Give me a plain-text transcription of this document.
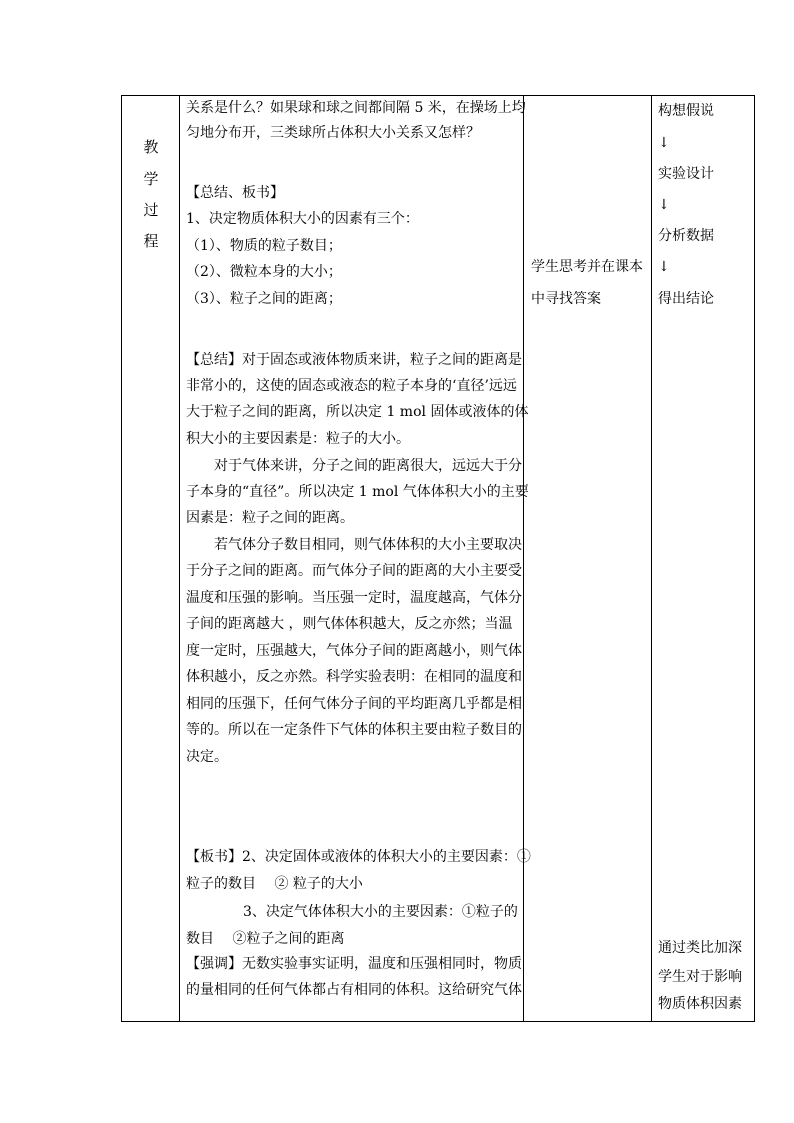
教
学
过
程
关系是什么？如果球和球之间都间隔 5 米，在操场上均
匀地分布开，三类球所占体积大小关系又怎样？
【总结、板书】
1、决定物质体积大小的因素有三个：
（1）、物质的粒子数目；
（2）、微粒本身的大小；
（3）、粒子之间的距离；
【总结】对于固态或液体物质来讲，粒子之间的距离是
非常小的，这使的固态或液态的粒子本身的‘直径’远远
大于粒子之间的距离，所以决定 1 mol 固体或液体的体
积大小的主要因素是：粒子的大小。
对于气体来讲，分子之间的距离很大，远远大于分
子本身的“直径”。所以决定 1 mol 气体体积大小的主要
因素是：粒子之间的距离。
若气体分子数目相同，则气体体积的大小主要取决
于分子之间的距离。而气体分子间的距离的大小主要受
温度和压强的影响。当压强一定时，温度越高，气体分
子间的距离越大 ，则气体体积越大，反之亦然；当温
度一定时，压强越大，气体分子间的距离越小，则气体
体积越小，反之亦然。科学实验表明：在相同的温度和
相同的压强下，任何气体分子间的平均距离几乎都是相
等的。所以在一定条件下气体的体积主要由粒子数目的
决定。
【板书】2、决定固体或液体的体积大小的主要因素：①
粒子的数目　 ② 粒子的大小
3、决定气体体积大小的主要因素：①粒子的
数目 　②粒子之间的距离
【强调】无数实验事实证明，温度和压强相同时，物质
的量相同的任何气体都占有相同的体积。这给研究气体
学生思考并在课本
中寻找答案
构想假说
↓
实验设计
↓
分析数据
↓
得出结论
通过类比加深
学生对于影响
物质体积因素
